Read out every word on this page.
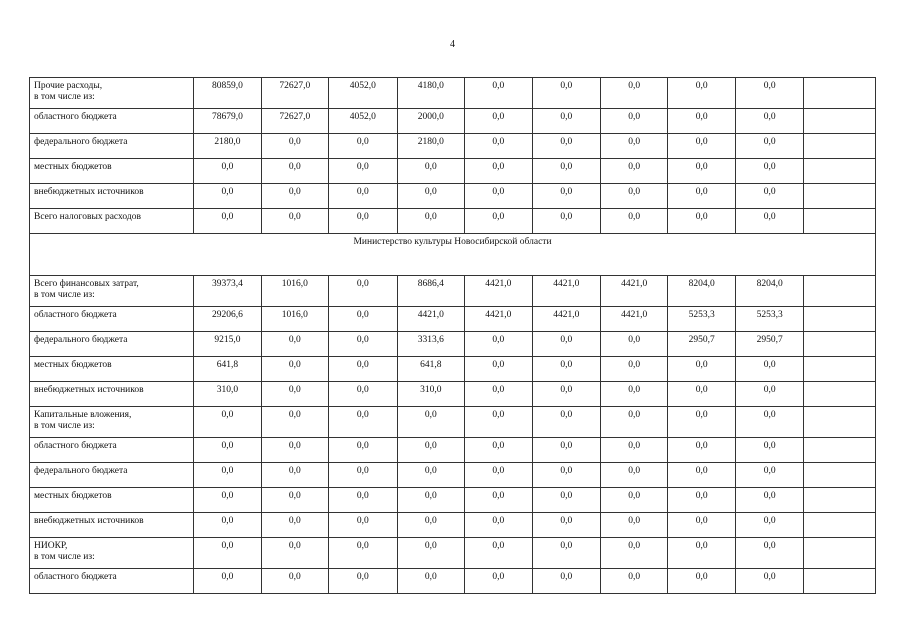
4
Прочие расходы,
в том числе из:	80859,0	72627,0	4052,0	4180,0	0,0	0,0	0,0	0,0	0,0	
областного бюджета	78679,0	72627,0	4052,0	2000,0	0,0	0,0	0,0	0,0	0,0	
федерального бюджета	2180,0	0,0	0,0	2180,0	0,0	0,0	0,0	0,0	0,0	
местных бюджетов	0,0	0,0	0,0	0,0	0,0	0,0	0,0	0,0	0,0	
внебюджетных источников	0,0	0,0	0,0	0,0	0,0	0,0	0,0	0,0	0,0	
Всего налоговых расходов	0,0	0,0	0,0	0,0	0,0	0,0	0,0	0,0	0,0	
Министерство культуры Новосибирской области										
Всего финансовых затрат,
в том числе из:	39373,4	1016,0	0,0	8686,4	4421,0	4421,0	4421,0	8204,0	8204,0	
областного бюджета	29206,6	1016,0	0,0	4421,0	4421,0	4421,0	4421,0	5253,3	5253,3	
федерального бюджета	9215,0	0,0	0,0	3313,6	0,0	0,0	0,0	2950,7	2950,7	
местных бюджетов	641,8	0,0	0,0	641,8	0,0	0,0	0,0	0,0	0,0	
внебюджетных источников	310,0	0,0	0,0	310,0	0,0	0,0	0,0	0,0	0,0	
Капитальные вложения,
в том числе из:	0,0	0,0	0,0	0,0	0,0	0,0	0,0	0,0	0,0	
областного бюджета	0,0	0,0	0,0	0,0	0,0	0,0	0,0	0,0	0,0	
федерального бюджета	0,0	0,0	0,0	0,0	0,0	0,0	0,0	0,0	0,0	
местных бюджетов	0,0	0,0	0,0	0,0	0,0	0,0	0,0	0,0	0,0	
внебюджетных источников	0,0	0,0	0,0	0,0	0,0	0,0	0,0	0,0	0,0	
НИОКР,
в том числе из:	0,0	0,0	0,0	0,0	0,0	0,0	0,0	0,0	0,0	
областного бюджета	0,0	0,0	0,0	0,0	0,0	0,0	0,0	0,0	0,0	
